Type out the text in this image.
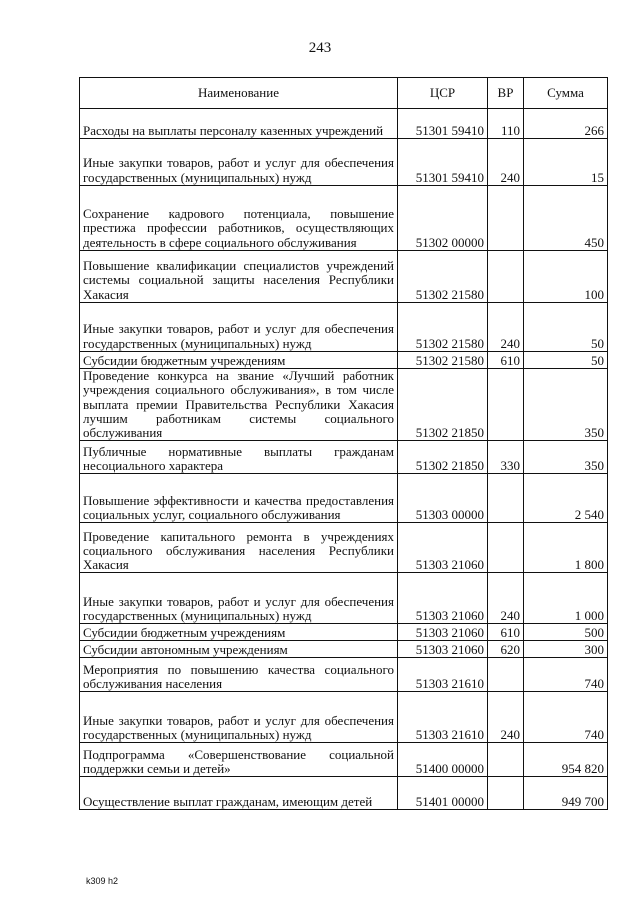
243
Наименование	ЦСР	ВР	Сумма
Расходы на выплаты персоналу казенных учреждений	51301 59410	110	266
Иные закупки товаров, работ и услуг для обеспечения государственных (муниципальных) нужд	51301 59410	240	15
Сохранение кадрового потенциала, повышение престижа профессии работников, осуществляющих деятельность в сфере социального обслуживания	51302 00000		450
Повышение квалификации специалистов учреждений системы социальной защиты населения Республики Хакасия	51302 21580		100
Иные закупки товаров, работ и услуг для обеспечения государственных (муниципальных) нужд	51302 21580	240	50
Субсидии бюджетным учреждениям	51302 21580	610	50
Проведение конкурса на звание «Лучший работник учреждения социального обслуживания», в том числе выплата премии Правительства Республики Хакасия лучшим работникам системы социального обслуживания	51302 21850		350
Публичные нормативные выплаты гражданам несоциального характера	51302 21850	330	350
Повышение эффективности и качества предоставления социальных услуг, социального обслуживания	51303 00000		2 540
Проведение капитального ремонта в учреждениях социального обслуживания населения Республики Хакасия	51303 21060		1 800
Иные закупки товаров, работ и услуг для обеспечения государственных (муниципальных) нужд	51303 21060	240	1 000
Субсидии бюджетным учреждениям	51303 21060	610	500
Субсидии автономным учреждениям	51303 21060	620	300
Мероприятия по повышению качества социального обслуживания населения	51303 21610		740
Иные закупки товаров, работ и услуг для обеспечения государственных (муниципальных) нужд	51303 21610	240	740
Подпрограмма «Совершенствование социальной поддержки семьи и детей»	51400 00000		954 820
Осуществление выплат гражданам, имеющим детей	51401 00000		949 700
k309 h2
